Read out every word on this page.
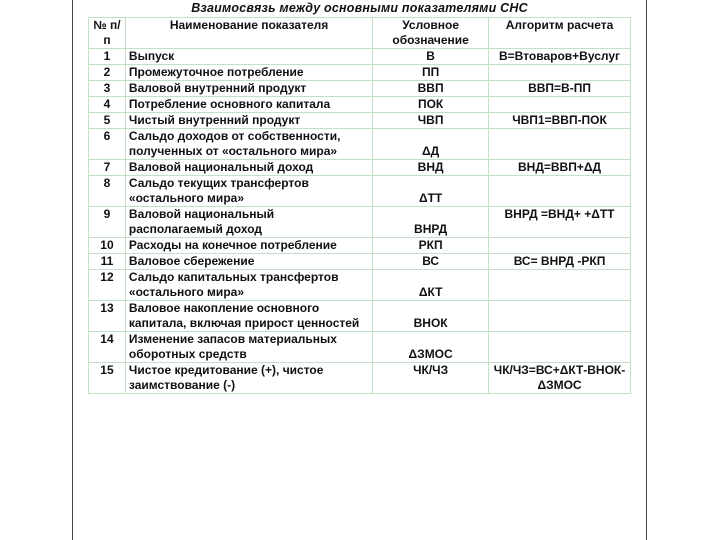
Взаимосвязь между основными показателями СНС
№ п/п	Наименование показателя	Условное обозначение	Алгоритм расчета
1	Выпуск	В	В=Втоваров+Вуслуг
2	Промежуточное потребление	ПП	
3	Валовой внутренний продукт	ВВП	ВВП=В-ПП
4	Потребление основного капитала	ПОК	
5	Чистый внутренний продукт	ЧВП	ЧВП1=ВВП-ПОК
6	Сальдо доходов от собственности, полученных от «остального мира»	ΔД	
7	Валовой национальный доход	ВНД	ВНД=ВВП+ΔД
8	Сальдо текущих трансфертов «остального мира»	ΔТТ	
9	Валовой национальный располагаемый доход	ВНРД	ВНРД =ВНД+ +ΔТТ
10	Расходы на конечное потребление	РКП	
11	Валовое сбережение	ВС	ВС= ВНРД -РКП
12	Сальдо капитальных трансфертов «остального мира»	ΔКТ	
13	Валовое накопление основного капитала, включая прирост ценностей	ВНОК	
14	Изменение запасов материальных оборотных средств	ΔЗМОС	
15	Чистое кредитование (+), чистое заимствование (-)	ЧК/ЧЗ	ЧК/ЧЗ=ВС+ΔКТ-ВНОК-ΔЗМОС
